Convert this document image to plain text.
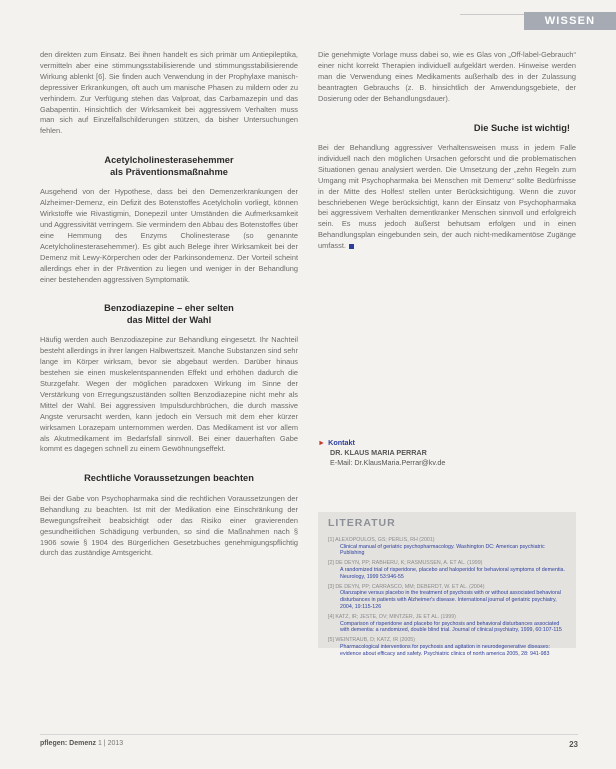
WISSEN

den direkten zum Einsatz. Bei ihnen handelt es sich primär um Antiepileptika, vermitteln aber eine stimmungsstabilisierende und stimmungsstabilisierende Wirkung ablenkt [6]. Sie finden auch Verwendung in der Prophylaxe manisch-depressiver Erkrankungen, oft auch um manische Phasen zu mildern oder zu verhindern. Zur Verfügung stehen das Valproat, das Carbamazepin und das Gabapentin. Hinsichtlich der Wirksamkeit bei aggressivem Verhalten muss man sich auf Einzelfallschilderungen stützen, da bisher Untersuchungen fehlen.

Acetylcholinesterasehemmer

als Präventionsmaßnahme

Ausgehend von der Hypothese, dass bei den Demenzerkrankungen der Alzheimer-Demenz, ein Defizit des Botenstoffes Acetylcholin vorliegt, können Wirkstoffe wie Rivastigmin, Donepezil unter Umständen die Aufmerksamkeit und Aggressivität verringern. Sie vermindern den Abbau des Botenstoffes über eine Hemmung des Enzyms Cholinesterase (so genannte Acetylcholinesterasehemmer). Es gibt auch Belege ihrer Wirksamkeit bei der Demenz mit Lewy-Körperchen oder der Parkinsondemenz. Der Vorteil scheint allerdings eher in der Prävention zu liegen und weniger in der Behandlung einer bestehenden aggressiven Symptomatik.

Benzodiazepine – eher selten

das Mittel der Wahl

Häufig werden auch Benzodiazepine zur Behandlung eingesetzt. Ihr Nachteil besteht allerdings in ihrer langen Halbwertszeit. Manche Substanzen sind sehr lange im Körper wirksam, bevor sie abgebaut werden. Darüber hinaus bestehen sie einen muskelentspannenden Effekt und erhöhen dadurch die Sturzgefahr. Wegen der möglichen paradoxen Wirkung im Sinne der Verstärkung von Erregungszuständen sollten Benzodiazepine nicht mehr als Mittel der Wahl. Bei aggressiven Impulsdurchbrüchen, die durch massive Angste verursacht werden, kann jedoch ein Versuch mit dem eher kürzer wirksamen Lorazepam unternommen werden. Das Medikament ist vor allem als Akutmedikament im Bedarfsfall sinnvoll. Bei einer dauerhaften Gabe kommt es dagegen schnell zu einem Gewöhnungseffekt.

Rechtliche Voraussetzungen beachten

Bei der Gabe von Psychopharmaka sind die rechtlichen Voraussetzungen der Behandlung zu beachten. Ist mit der Medikation eine Einschränkung der Bewegungsfreiheit beabsichtigt oder das Risiko einer gravierenden gesundheitlichen Schädigung verbunden, so sind die Maßnahmen nach § 1906 sowie § 1904 des Bürgerlichen Gesetzbuches genehmigungspflichtig durch das zuständige Amtsgericht.

Die genehmigte Vorlage muss dabei so, wie es Glas von „Off-label-Gebrauch“ einer nicht korrekt Therapien individuell aufgeklärt werden. Hinweise werden man die Verwendung eines Medikaments außerhalb des in der Zulassung beantragten Gebrauchs (z. B. hinsichtlich der Anwendungsgebiete, der Dosierung oder der Behandlungsdauer).

Die Suche ist wichtig!

Bei der Behandlung aggressiver Verhaltensweisen muss in jedem Falle individuell nach den möglichen Ursachen geforscht und die problematischen Situationen genau analysiert werden. Die Umsetzung der „zehn Regeln zum Umgang mit Psychopharmaka bei Menschen mit Demenz“ sollte Bedürfnisse in der Mitte des Holfes! stellen unter Berücksichtigung. Wenn die zuvor beschriebenen Wege berücksichtigt, kann der Einsatz von Psychopharmaka bei aggressivem Verhalten dementkranker Menschen sinnvoll und erfolgreich sein. Es muss jedoch äußerst behutsam erfolgen und in einen Behandlungsplan eingebunden sein, der auch nicht-medikamentöse Zugänge umfasst.

► Kontakt
DR. KLAUS MARIA PERRAR
E-Mail: Dr.KlausMaria.Perrar@kv.de
LITERATUR
[1] ALEXOPOULOS, GS; PERLIS, RH (2001)
Clinical manual of geriatric psychopharmacology. Washington DC: American psychiatric Publishing
[2] DE DEYN, PP; RABHERU, K; RASMUSSEN, A. ET AL. (1999)
A randomized trial of risperidone, placebo and haloperidol for behavioral symptoms of dementia. Neurology, 1999 53:946-55
[3] DE DEYN, PP; CARRASCO, MM; DEBERDT, W. ET AL. (2004)
Olanzapine versus placebo in the treatment of psychosis with or without associated behavioral disturbances in patients with Alzheimer's disease. International journal of geriatric psychiatry, 2004, 19:115-126
[4] KATZ, IR; JESTE, DV; MINTZER, JE ET AL. (1999)
Comparison of risperidone and placebo for psychosis and behavioral disturbances associated with dementia: a randomized, double blind trial. Journal of clinical psychiatry, 1999, 60:107-115
[5] WEINTRAUB, D; KATZ, IR (2005)
Pharmacological interventions for psychosis and agitation in neurodegenerative diseases: evidence about efficacy and safety. Psychiatric clinics of north america 2005, 28: 941-983
pflegen: Demenz 1 | 2013	23
